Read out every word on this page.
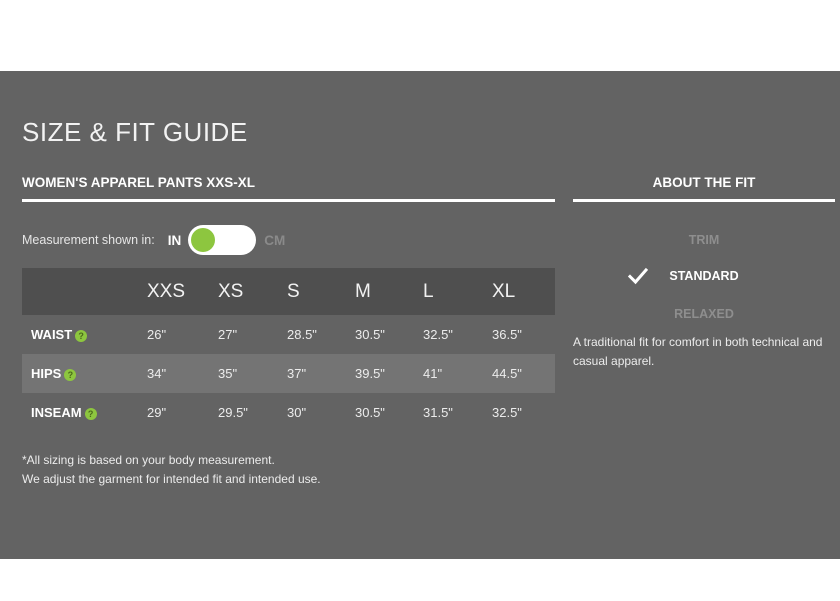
SIZE & FIT GUIDE
WOMEN'S APPAREL PANTS XXS-XL	ABOUT THE FIT
Measurement shown in: IN	CM
	XXS	XS	S	M	L	XL
WAIST ?	26"	27"	28.5"	30.5"	32.5"	36.5"
HIPS ?	34"	35"	37"	39.5"	41"	44.5"
INSEAM ?	29"	29.5"	30"	30.5"	31.5"	32.5"
*All sizing is based on your body measurement.
We adjust the garment for intended fit and intended use.
TRIM
STANDARD
RELAXED
A traditional fit for comfort in both technical and casual apparel.
